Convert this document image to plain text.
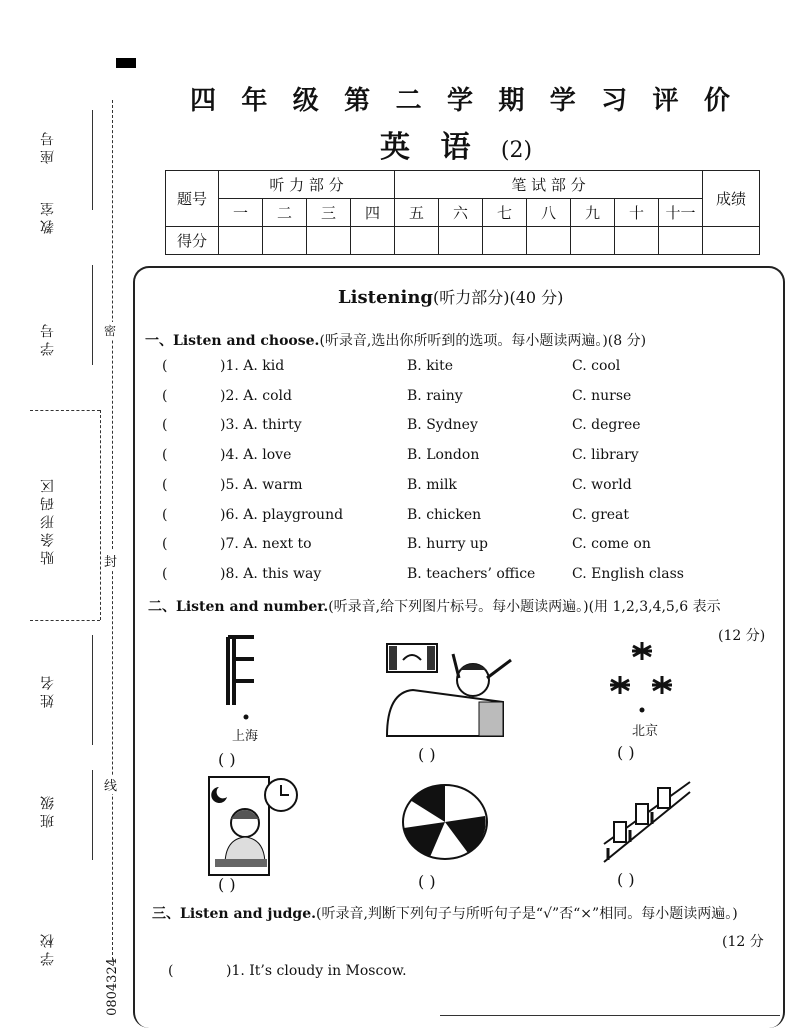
座号
教室
学号
贴条形码区
姓名
班级
学校
0804324
密
封
线
四 年 级 第 二 学 期 学 习 评 价
英 语 (2)
题号	听 力 部 分				笔 试 部 分							成绩
	一	二	三	四	五	六	七	八	九	十	十一	
得分												
Listening(听力部分)(40 分)
一、Listen and choose.(听录音,选出你所听到的选项。每小题读两遍。)(8 分)
(	)1. A. kid	B. kite	C. cool
(	)2. A. cold	B. rainy	C. nurse
(	)3. A. thirty	B. Sydney	C. degree
(	)4. A. love	B. London	C. library
(	)5. A. warm	B. milk	C. world
(	)6. A. playground	B. chicken	C. great
(	)7. A. next to	B. hurry up	C. come on
(	)8. A. this way	B. teachers’ office	C. English class
二、Listen and number.(听录音,给下列图片标号。每小题读两遍。)(用 1,2,3,4,5,6 表示
(12 分)
上海	北京
( )	( )	( )
( )	( )	( )
三、Listen and judge.(听录音,判断下列句子与所听句子是“√”否“×”相同。每小题读两遍。)
(12 分
(	)1. It’s cloudy in Moscow.
